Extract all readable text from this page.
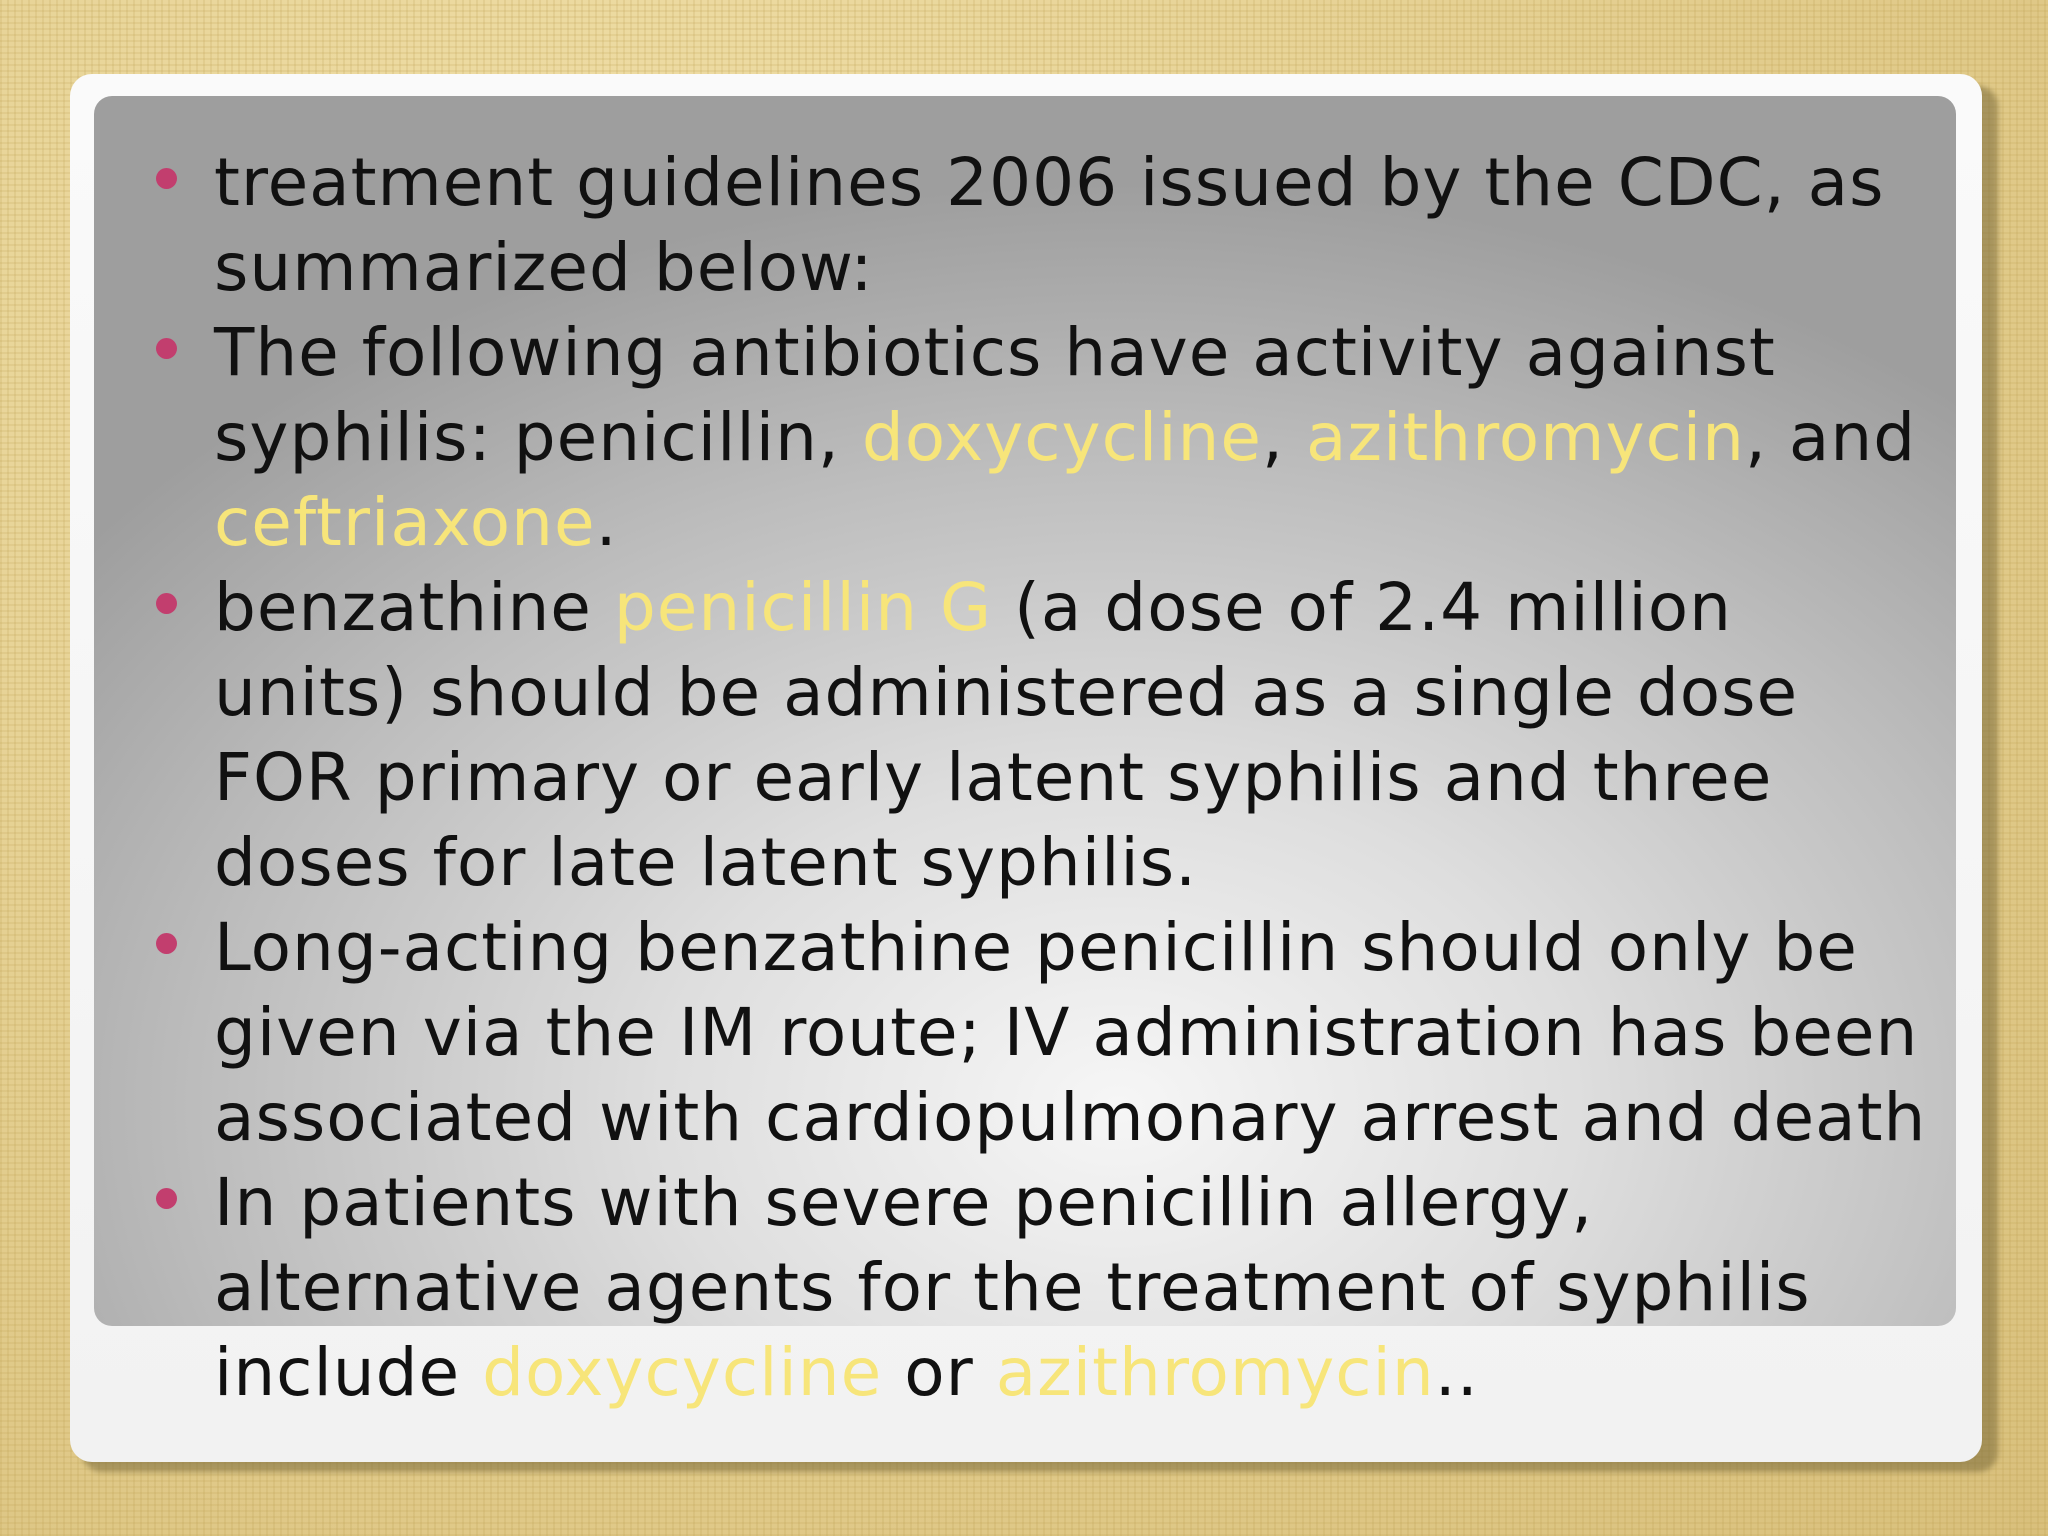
treatment guidelines 2006 issued by the CDC, as summarized below:
The following antibiotics have activity against syphilis: penicillin, doxycycline, azithromycin, and ceftriaxone.
benzathine penicillin G (a dose of 2.4 million units) should be administered as a single dose FOR primary or early latent syphilis and three doses for late latent syphilis.
Long-acting benzathine penicillin should only be given via the IM route; IV administration has been associated with cardiopulmonary arrest and death
In patients with severe penicillin allergy, alternative agents for the treatment of syphilis include doxycycline or azithromycin..
